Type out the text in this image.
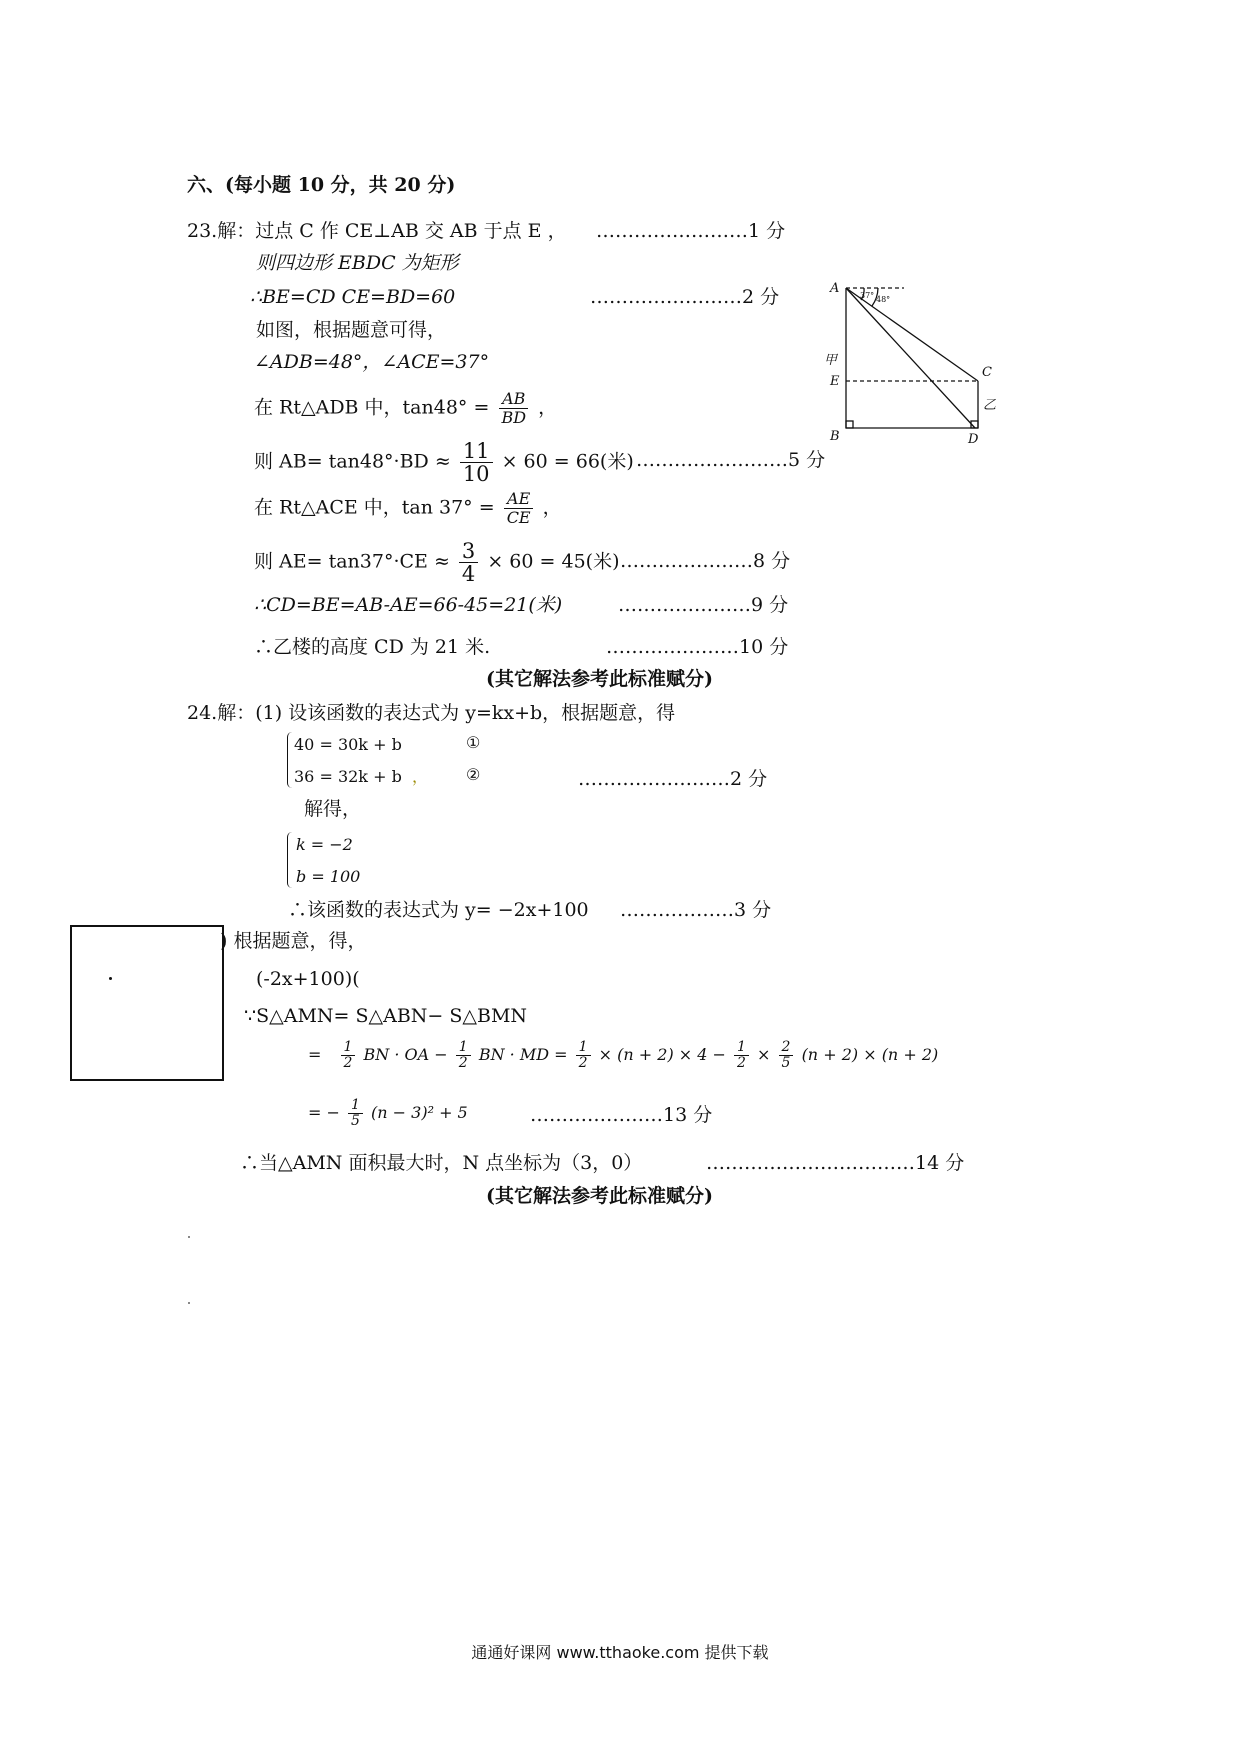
六、(每小题 10 分，共 20 分)
23.解：过点 C 作 CE⊥AB 交 AB 于点 E ， ……………………1 分
则四边形 EBDC 为矩形
∴BE=CD CE=BD=60	……………………2 分
如图，根据题意可得，
∠ADB=48°，∠ACE=37°
在 Rt△ADB 中，$\tan 48^\circ = \frac{AB}{BD}$ ，
则 $AB= \tan 48^\circ\cdot BD \approx \frac{11}{10} \times 60 = 66$(米) ……………………5 分
在 Rt△ACE 中，$\tan 37^\circ = \frac{AE}{CE}$ ，
则 $AE= \tan 37^\circ\cdot CE \approx \frac{3}{4} \times 60 = 45$(米) …………………8 分
∴CD=BE=AB-AE=66-45=21(米)	…………………9 分
∴乙楼的高度 CD 为 21 米.	…………………10 分
(其它解法参考此标准赋分)
A
B
C
D
E
甲
乙
37° 48°
24.解：(1) 设该函数的表达式为 y=kx+b，根据题意，得
40 = 30k + b	①
36 = 32k + b ， ②	……………………2 分
解得，
k = −2
b = 100
∴该函数的表达式为 y= −2x+100 ………………3 分
) 根据题意，得，
(-2x+100)(
∵S△AMN= S△ABN− S△BMN
= $\frac{1}{2}$ BN · OA − $\frac{1}{2}$ BN · MD = $\frac{1}{2} \times (n + 2) \times 4 - \frac{1}{2} \times \frac{2}{5} (n + 2) \times (n + 2)$
= − $\frac{1}{5} (n - 3)^2 + 5$	…………………13 分
∴当△AMN 面积最大时，N 点坐标为（3，0）	……………………………14 分
(其它解法参考此标准赋分)
通通好课网 www.tthaoke.com 提供下载
